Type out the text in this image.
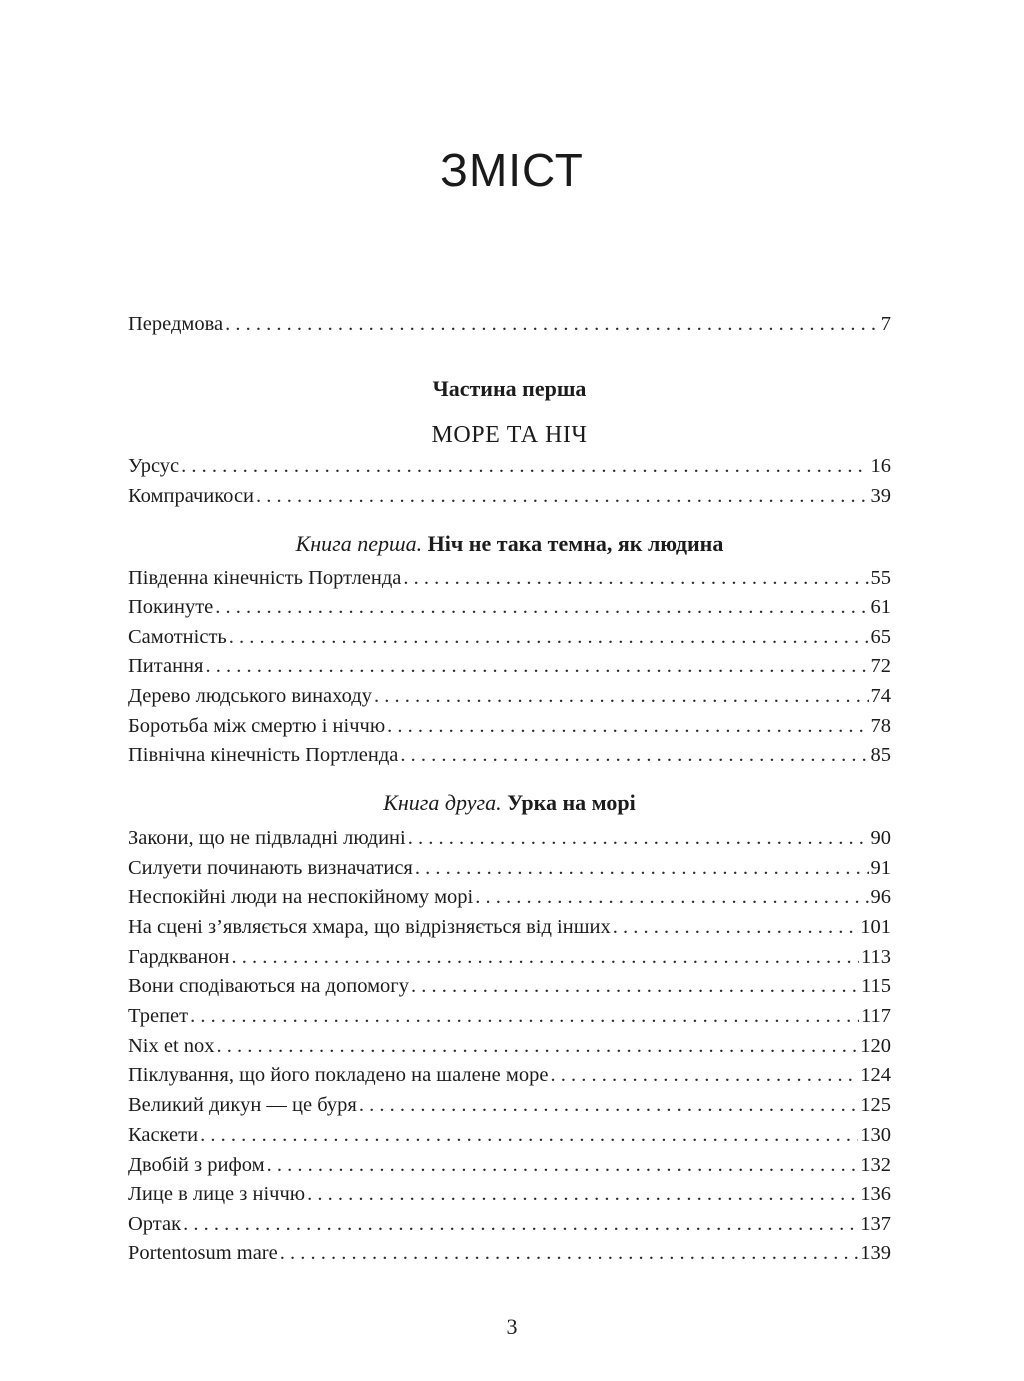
ЗМІСТ
Передмова . . .	7
Частина перша
МОРЕ ТА НІЧ
Урсус . . .	16
Компрачикоси . . .	39
Книга перша. Ніч не така темна, як людина
Південна кінечність Портленда . . .	55
Покинуте . . .	61
Самотність . . .	65
Питання . . .	72
Дерево людського винаходу . . .	74
Боротьба між смертю і ніччю . . .	78
Північна кінечність Портленда . . .	85
Книга друга. Урка на морі
Закони, що не підвладні людині . . .	90
Силуети починають визначатися . . .	91
Неспокійні люди на неспокійному морі . . .	96
На сцені з’являється хмара, що відрізняється від інших . . .	101
Гардкванон . . .	113
Вони сподіваються на допомогу . . .	115
Трепет . . .	117
Nix et nox . . .	120
Піклування, що його покладено на шалене море . . .	124
Великий дикун — це буря . . .	125
Каскети . . .	130
Двобій з рифом . . .	132
Лице в лице з ніччю . . .	136
Ортак . . .	137
Portentosum mare . . .	139
3
